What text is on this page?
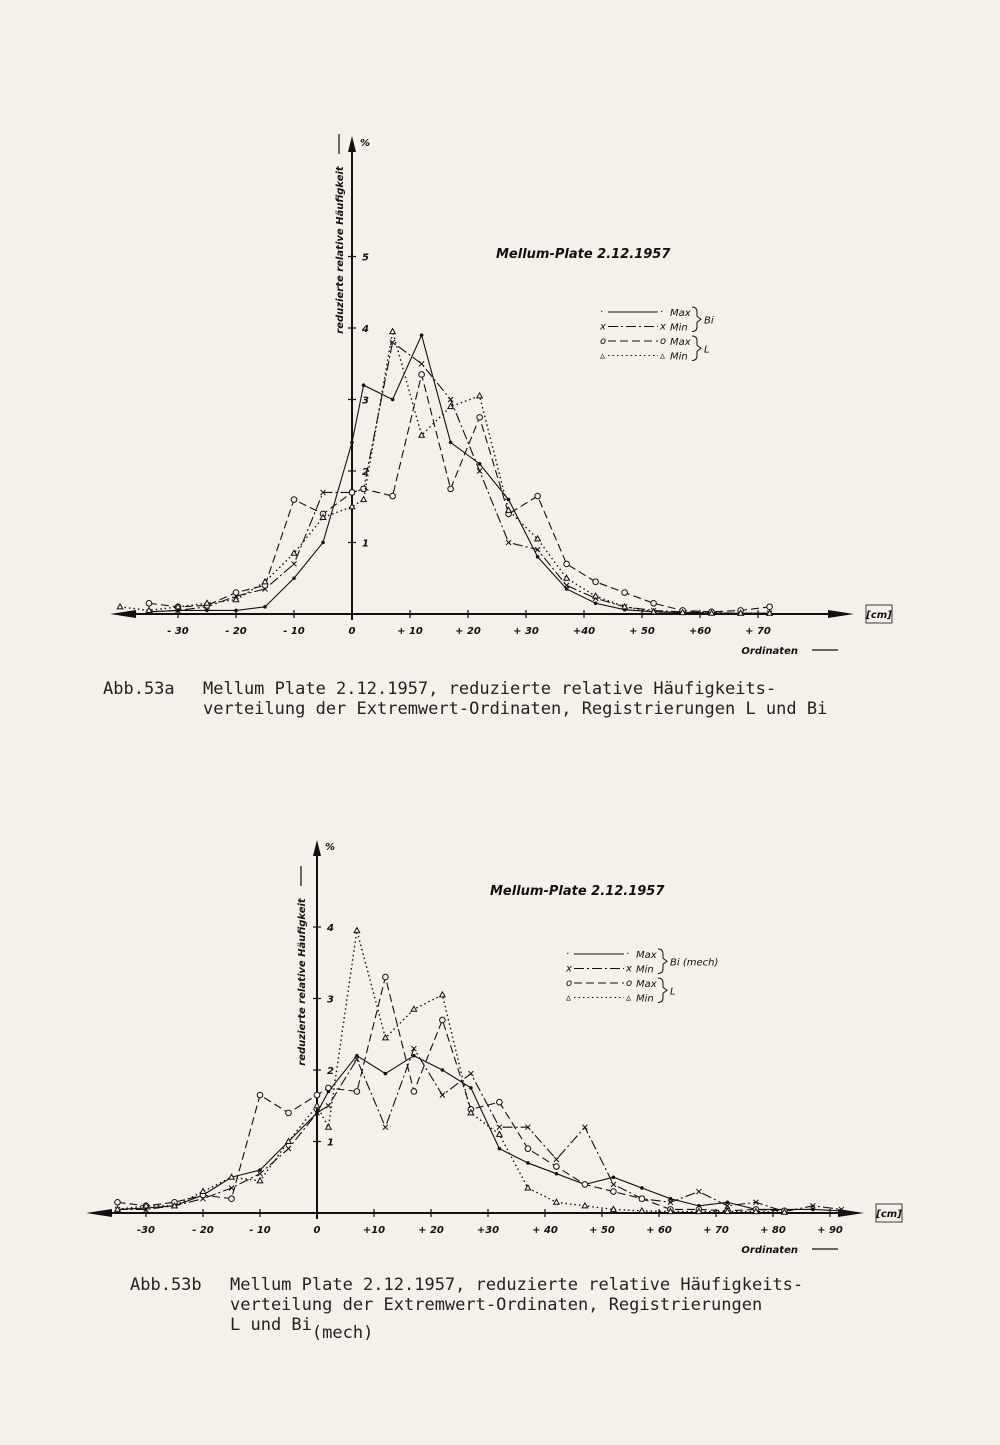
- 30	- 20	- 10	0	+ 10	+ 20	+ 30	+40	+ 50	+60	+ 70
1
2
3
4
5
%
[cm]
Ordinaten
reduzierte relative Häufigkeit	Mellum-Plate 2.12.1957
·	· Max
x	x Min
o	o Max
▵	▵ Min
Bi
L
-30	- 20	- 10	0	+10	+ 20	+30	+ 40	+ 50	+ 60	+ 70	+ 80	+ 90
1
2
3
4
%
[cm]
Ordinaten
reduzierte relative Häufigkeit
Mellum-Plate 2.12.1957
·	· Max
x	x Min
o	o Max
▵	▵ Min
Bi (mech)
L

Abb.53a

Mellum Plate 2.12.1957, reduzierte relative Häufigkeits-

verteilung der Extremwert-Ordinaten, Registrierungen L und Bi

Abb.53b

Mellum Plate 2.12.1957, reduzierte relative Häufigkeits-

verteilung der Extremwert-Ordinaten, Registrierungen

L und Bi(mech)
